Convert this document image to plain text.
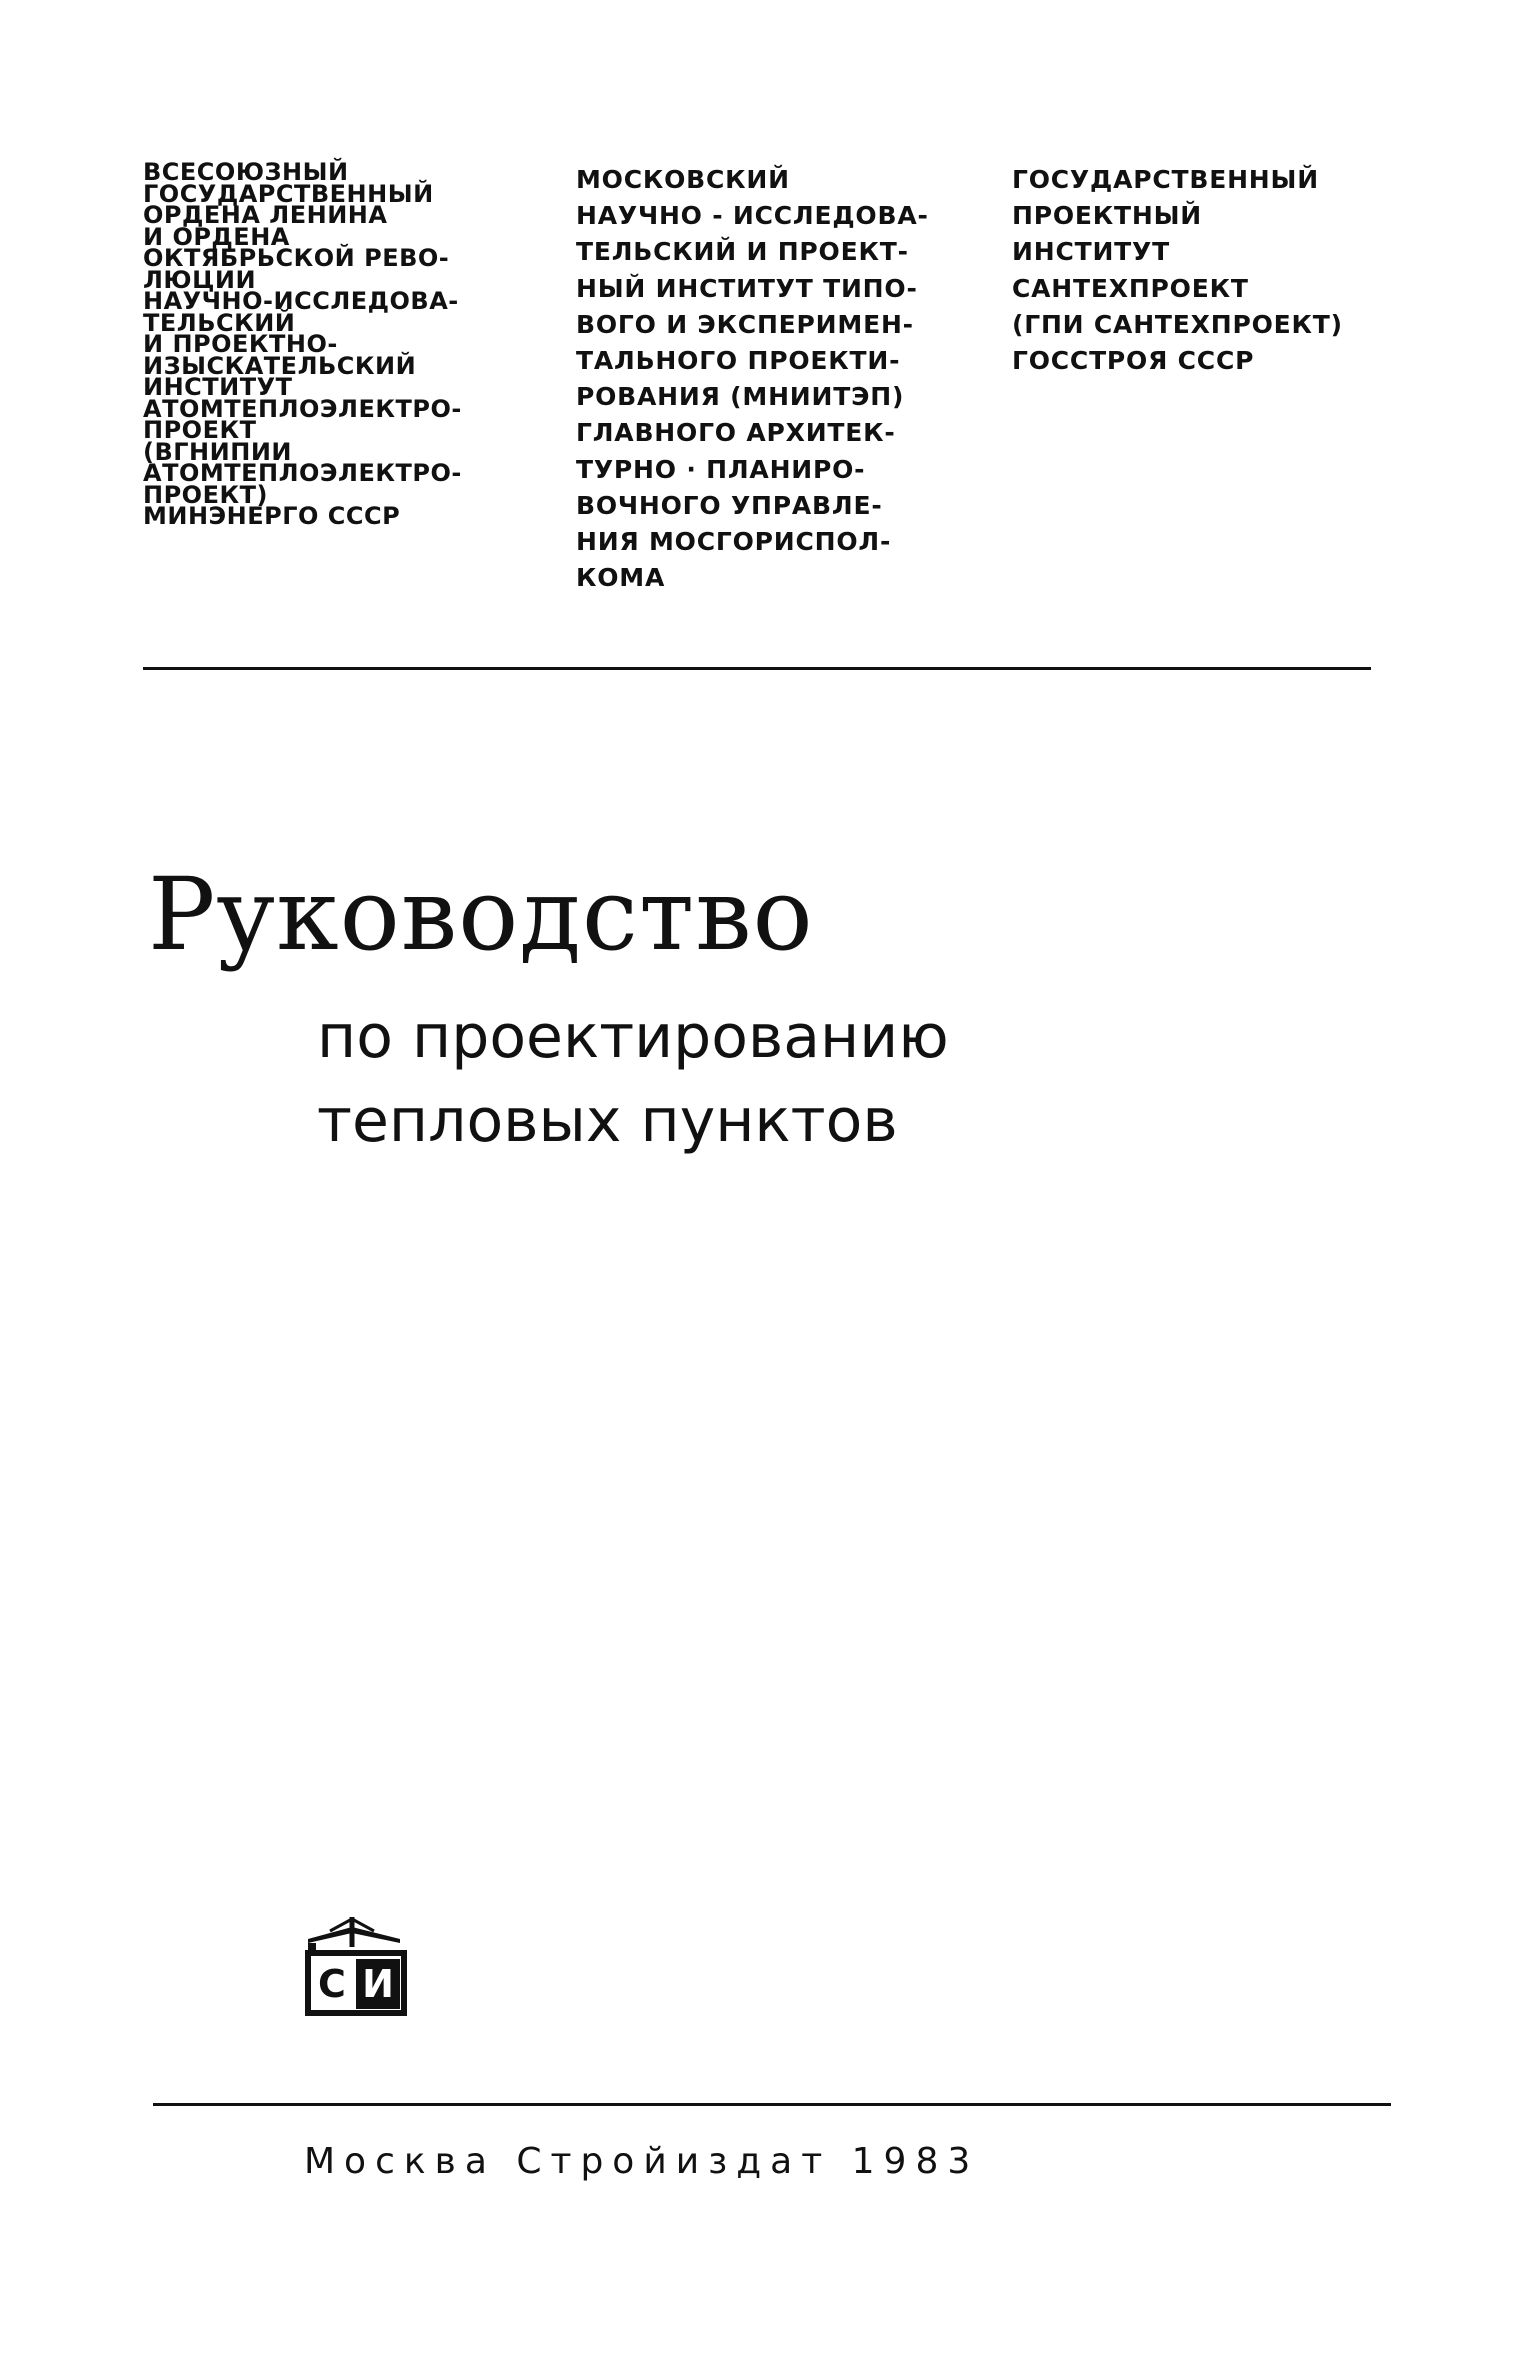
ВСЕСОЮЗНЫЙ
ГОСУДАРСТВЕННЫЙ
ОРДЕНА ЛЕНИНА
И ОРДЕНА
ОКТЯБРЬСКОЙ РЕВО-
ЛЮЦИИ
НАУЧНО-ИССЛЕДОВА-
ТЕЛЬСКИЙ
И ПРОЕКТНО-
ИЗЫСКАТЕЛЬСКИЙ
ИНСТИТУТ
АТОМТЕПЛОЭЛЕКТРО-
ПРОЕКТ
(ВГНИПИИ
АТОМТЕПЛОЭЛЕКТРО-
ПРОЕКТ)
МИНЭНЕРГО СССР
МОСКОВСКИЙ
НАУЧНО - ИССЛЕДОВА-
ТЕЛЬСКИЙ И ПРОЕКТ-
НЫЙ ИНСТИТУТ ТИПО-
ВОГО И ЭКСПЕРИМЕН-
ТАЛЬНОГО ПРОЕКТИ-
РОВАНИЯ (МНИИТЭП)
ГЛАВНОГО АРХИТЕК-
ТУРНО · ПЛАНИРО-
ВОЧНОГО УПРАВЛЕ-
НИЯ МОСГОРИСПОЛ-
КОМА
ГОСУДАРСТВЕННЫЙ
ПРОЕКТНЫЙ
ИНСТИТУТ
САНТЕХПРОЕКТ
(ГПИ САНТЕХПРОЕКТ)
ГОССТРОЯ СССР
Руководство
по проектированию
тепловых пунктов
С И
Москва Стройиздат 1983
